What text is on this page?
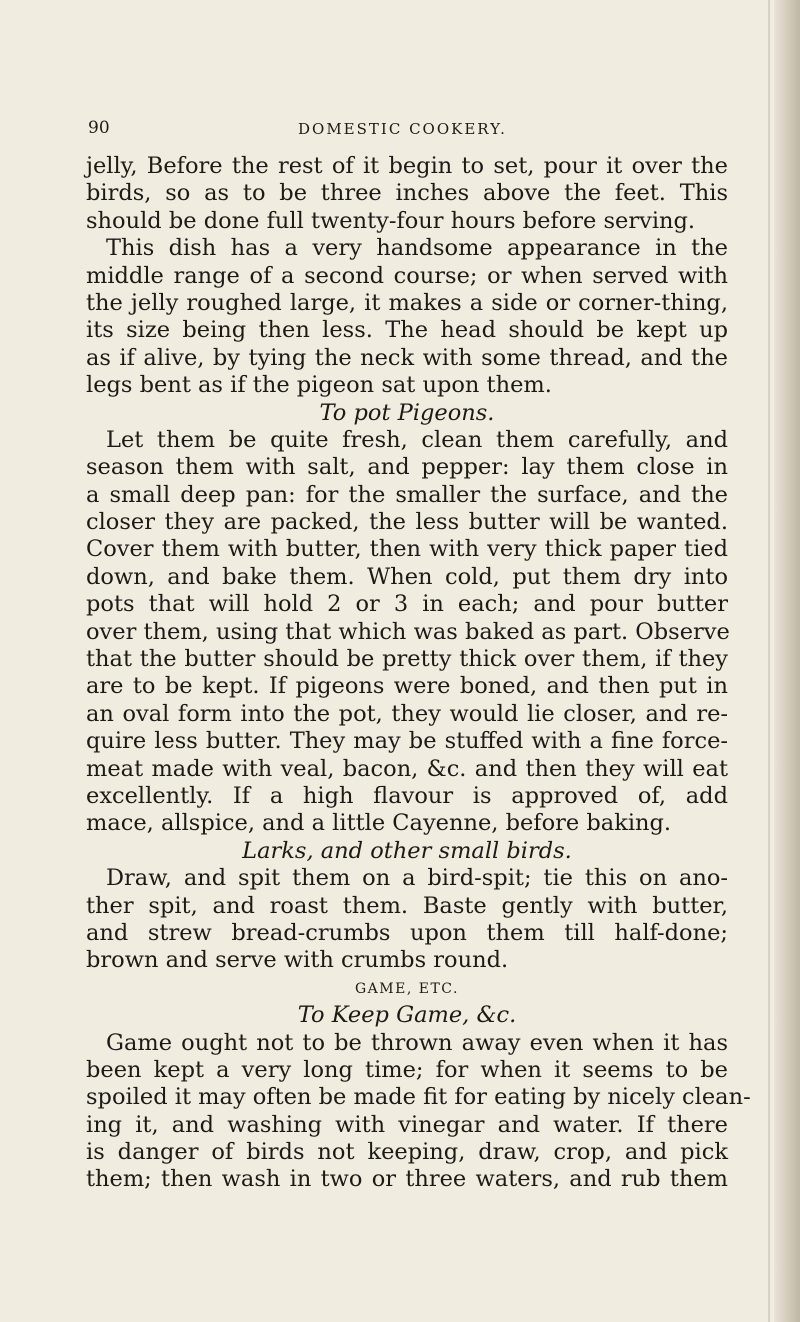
90	DOMESTIC COOKERY.
jelly, Before the rest of it begin to set, pour it over the
birds, so as to be three inches above the feet. This
should be done full twenty-four hours before serving.
This dish has a very handsome appearance in the
middle range of a second course; or when served with
the jelly roughed large, it makes a side or corner-thing,
its size being then less. The head should be kept up
as if alive, by tying the neck with some thread, and the
legs bent as if the pigeon sat upon them.
To pot Pigeons.
Let them be quite fresh, clean them carefully, and
season them with salt, and pepper: lay them close in
a small deep pan: for the smaller the surface, and the
closer they are packed, the less butter will be wanted.
Cover them with butter, then with very thick paper tied
down, and bake them. When cold, put them dry into
pots that will hold 2 or 3 in each; and pour butter
over them, using that which was baked as part. Observe
that the butter should be pretty thick over them, if they
are to be kept. If pigeons were boned, and then put in
an oval form into the pot, they would lie closer, and re-
quire less butter. They may be stuffed with a fine force-
meat made with veal, bacon, &c. and then they will eat
excellently. If a high flavour is approved of, add
mace, allspice, and a little Cayenne, before baking.
Larks, and other small birds.
Draw, and spit them on a bird-spit; tie this on ano-
ther spit, and roast them. Baste gently with butter,
and strew bread-crumbs upon them till half-done;
brown and serve with crumbs round.
GAME, ETC.
To Keep Game, &c.
Game ought not to be thrown away even when it has
been kept a very long time; for when it seems to be
spoiled it may often be made fit for eating by nicely clean-
ing it, and washing with vinegar and water. If there
is danger of birds not keeping, draw, crop, and pick
them; then wash in two or three waters, and rub them
